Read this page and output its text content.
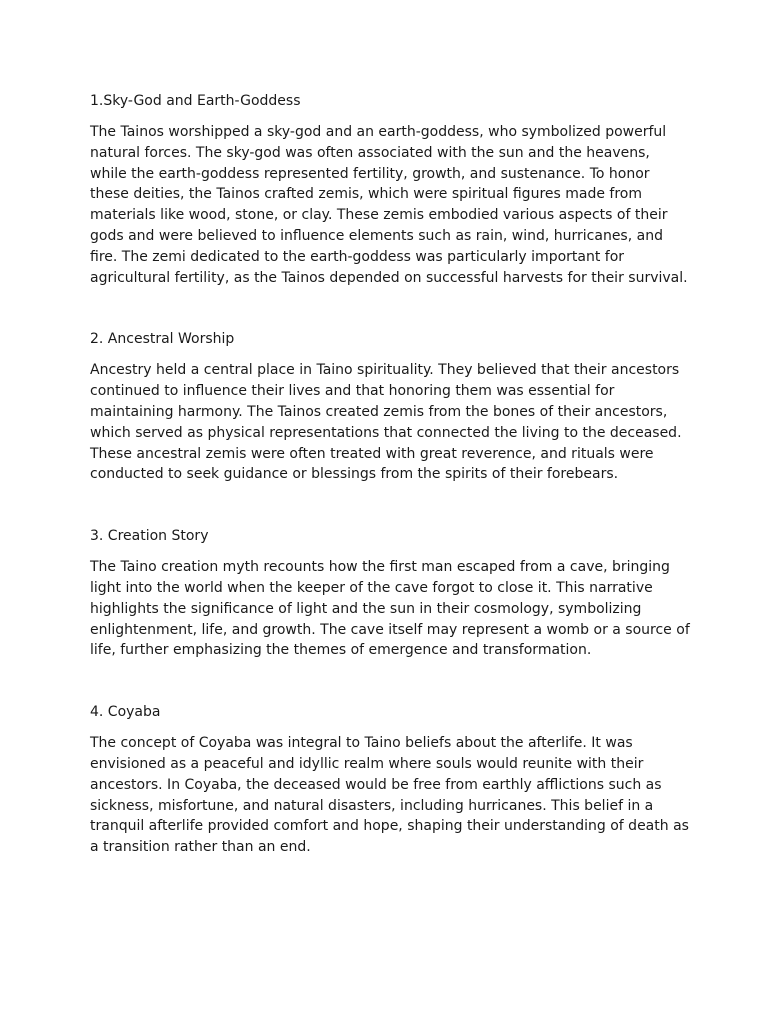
1.Sky-God and Earth-Goddess

The Tainos worshipped a sky-god and an earth-goddess, who symbolized powerful natural forces. The sky-god was often associated with the sun and the heavens, while the earth-goddess represented fertility, growth, and sustenance. To honor these deities, the Tainos crafted zemis, which were spiritual figures made from materials like wood, stone, or clay. These zemis embodied various aspects of their gods and were believed to influence elements such as rain, wind, hurricanes, and fire. The zemi dedicated to the earth-goddess was particularly important for agricultural fertility, as the Tainos depended on successful harvests for their survival.

2. Ancestral Worship

Ancestry held a central place in Taino spirituality. They believed that their ancestors continued to influence their lives and that honoring them was essential for maintaining harmony. The Tainos created zemis from the bones of their ancestors, which served as physical representations that connected the living to the deceased. These ancestral zemis were often treated with great reverence, and rituals were conducted to seek guidance or blessings from the spirits of their forebears.

3. Creation Story

The Taino creation myth recounts how the first man escaped from a cave, bringing light into the world when the keeper of the cave forgot to close it. This narrative highlights the significance of light and the sun in their cosmology, symbolizing enlightenment, life, and growth. The cave itself may represent a womb or a source of life, further emphasizing the themes of emergence and transformation.

4. Coyaba

The concept of Coyaba was integral to Taino beliefs about the afterlife. It was envisioned as a peaceful and idyllic realm where souls would reunite with their ancestors. In Coyaba, the deceased would be free from earthly afflictions such as sickness, misfortune, and natural disasters, including hurricanes. This belief in a tranquil afterlife provided comfort and hope, shaping their understanding of death as a transition rather than an end.
